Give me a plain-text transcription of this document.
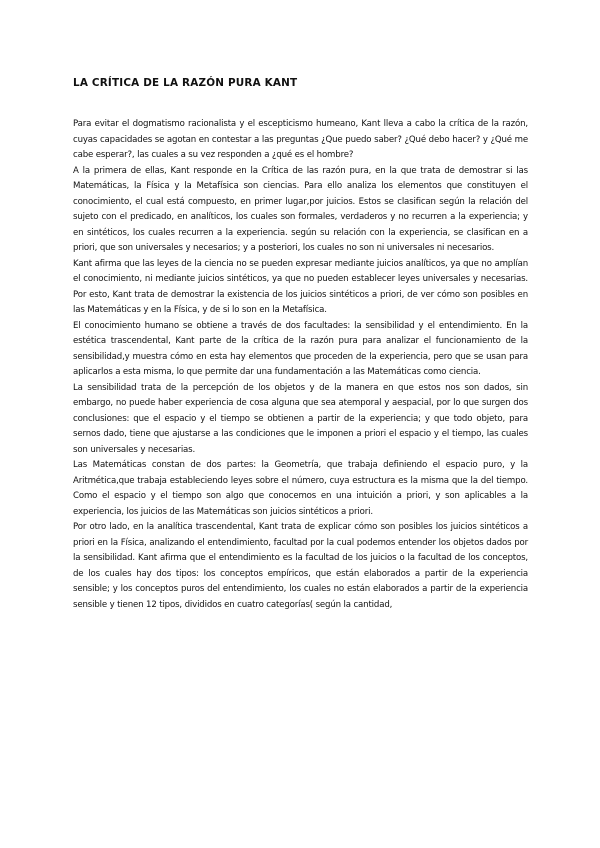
LA CRÍTICA DE LA RAZÓN PURA KANT

Para evitar el dogmatismo racionalista y el escepticismo humeano, Kant lleva a cabo la crítica de la razón, cuyas capacidades se agotan en contestar a las preguntas ¿Que puedo saber? ¿Qué debo hacer? y ¿Qué me cabe esperar?, las cuales a su vez responden a ¿qué es el hombre?

A la primera de ellas, Kant responde en la Crítica de las razón pura, en la que trata de demostrar si las Matemáticas, la Física y la Metafísica son ciencias. Para ello analiza los elementos que constituyen el conocimiento, el cual está compuesto, en primer lugar,por juicios. Estos se clasifican según la relación del sujeto con el predicado, en analíticos, los cuales son formales, verdaderos y no recurren a la experiencia; y en sintéticos, los cuales recurren a la experiencia. según su relación con la experiencia, se clasifican en a priori, que son universales y necesarios; y a posteriori, los cuales no son ni universales ni necesarios.

Kant afirma que las leyes de la ciencia no se pueden expresar mediante juicios analíticos, ya que no amplían el conocimiento, ni mediante juicios sintéticos, ya que no pueden establecer leyes universales y necesarias. Por esto, Kant trata de demostrar la existencia de los juicios sintéticos a priori, de ver cómo son posibles en las Matemáticas y en la Física, y de si lo son en la Metafísica.

El conocimiento humano se obtiene a través de dos facultades: la sensibilidad y el entendimiento. En la estética trascendental, Kant parte de la crítica de la razón pura para analizar el funcionamiento de la sensibilidad,y muestra cómo en esta hay elementos que proceden de la experiencia, pero que se usan para aplicarlos a esta misma, lo que permite dar una fundamentación a las Matemáticas como ciencia.

La sensibilidad trata de la percepción de los objetos y de la manera en que estos nos son dados, sin embargo, no puede haber experiencia de cosa alguna que sea atemporal y aespacial, por lo que surgen dos conclusiones: que el espacio y el tiempo se obtienen a partir de la experiencia; y que todo objeto, para sernos dado, tiene que ajustarse a las condiciones que le imponen a priori el espacio y el tiempo, las cuales son universales y necesarias.

Las Matemáticas constan de dos partes: la Geometría, que trabaja definiendo el espacio puro, y la Aritmética,que trabaja estableciendo leyes sobre el número, cuya estructura es la misma que la del tiempo. Como el espacio y el tiempo son algo que conocemos en una intuición a priori, y son aplicables a la experiencia, los juicios de las Matemáticas son juicios sintéticos a priori.

Por otro lado, en la analítica trascendental, Kant trata de explicar cómo son posibles los juicios sintéticos a priori en la Física, analizando el entendimiento, facultad por la cual podemos entender los objetos dados por la sensibilidad. Kant afirma que el entendimiento es la facultad de los juicios o la facultad de los conceptos, de los cuales hay dos tipos: los conceptos empíricos, que están elaborados a partir de la experiencia sensible; y los conceptos puros del entendimiento, los cuales no están elaborados a partir de la experiencia sensible y tienen 12 tipos, divididos en cuatro categorías( según la cantidad,
